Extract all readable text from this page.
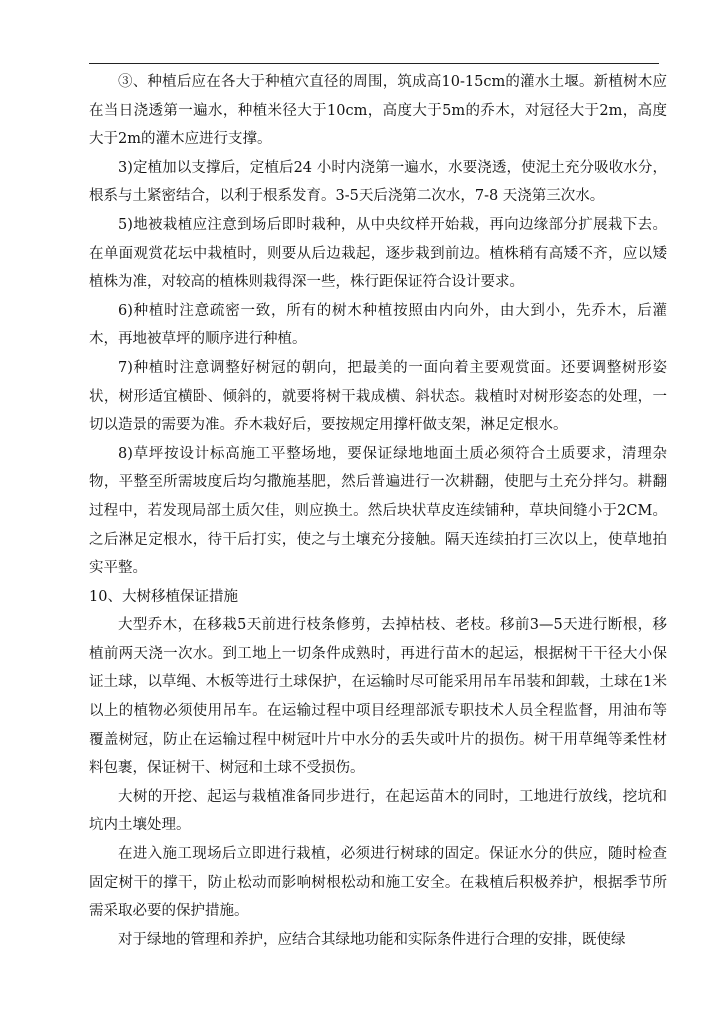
③、种植后应在各大于种植穴直径的周围，筑成高10-15cm的灌水土堰。新植树木应在当日浇透第一遍水，种植米径大于10cm，高度大于5m的乔木，对冠径大于2m，高度大于2m的灌木应进行支撑。

3)定植加以支撑后，定植后24 小时内浇第一遍水，水要浇透，使泥土充分吸收水分，根系与土紧密结合，以利于根系发育。3-5天后浇第二次水，7-8 天浇第三次水。

5)地被栽植应注意到场后即时栽种，从中央纹样开始栽，再向边缘部分扩展栽下去。在单面观赏花坛中栽植时，则要从后边栽起，逐步栽到前边。植株稍有高矮不齐，应以矮植株为准，对较高的植株则栽得深一些，株行距保证符合设计要求。

6)种植时注意疏密一致，所有的树木种植按照由内向外，由大到小，先乔木，后灌木，再地被草坪的顺序进行种植。

7)种植时注意调整好树冠的朝向，把最美的一面向着主要观赏面。还要调整树形姿状，树形适宜横卧、倾斜的，就要将树干栽成横、斜状态。栽植时对树形姿态的处理，一切以造景的需要为准。乔木栽好后，要按规定用撑杆做支架，淋足定根水。

8)草坪按设计标高施工平整场地，要保证绿地地面土质必须符合土质要求，清理杂物，平整至所需坡度后均匀撒施基肥，然后普遍进行一次耕翻，使肥与土充分拌匀。耕翻过程中，若发现局部土质欠佳，则应换土。然后块状草皮连续铺种，草块间缝小于2CM。之后淋足定根水，待干后打实，使之与土壤充分接触。隔天连续拍打三次以上，使草地拍实平整。

10、大树移植保证措施

大型乔木，在移栽5天前进行枝条修剪，去掉枯枝、老枝。移前3—5天进行断根，移植前两天浇一次水。到工地上一切条件成熟时，再进行苗木的起运，根据树干干径大小保证土球，以草绳、木板等进行土球保护，在运输时尽可能采用吊车吊装和卸载，土球在1米以上的植物必须使用吊车。在运输过程中项目经理部派专职技术人员全程监督，用油布等覆盖树冠，防止在运输过程中树冠叶片中水分的丢失或叶片的损伤。树干用草绳等柔性材料包裹，保证树干、树冠和土球不受损伤。

大树的开挖、起运与栽植准备同步进行，在起运苗木的同时，工地进行放线，挖坑和坑内土壤处理。

在进入施工现场后立即进行栽植，必须进行树球的固定。保证水分的供应，随时检查固定树干的撑干，防止松动而影响树根松动和施工安全。在栽植后积极养护，根据季节所需采取必要的保护措施。

对于绿地的管理和养护，应结合其绿地功能和实际条件进行合理的安排，既使绿
